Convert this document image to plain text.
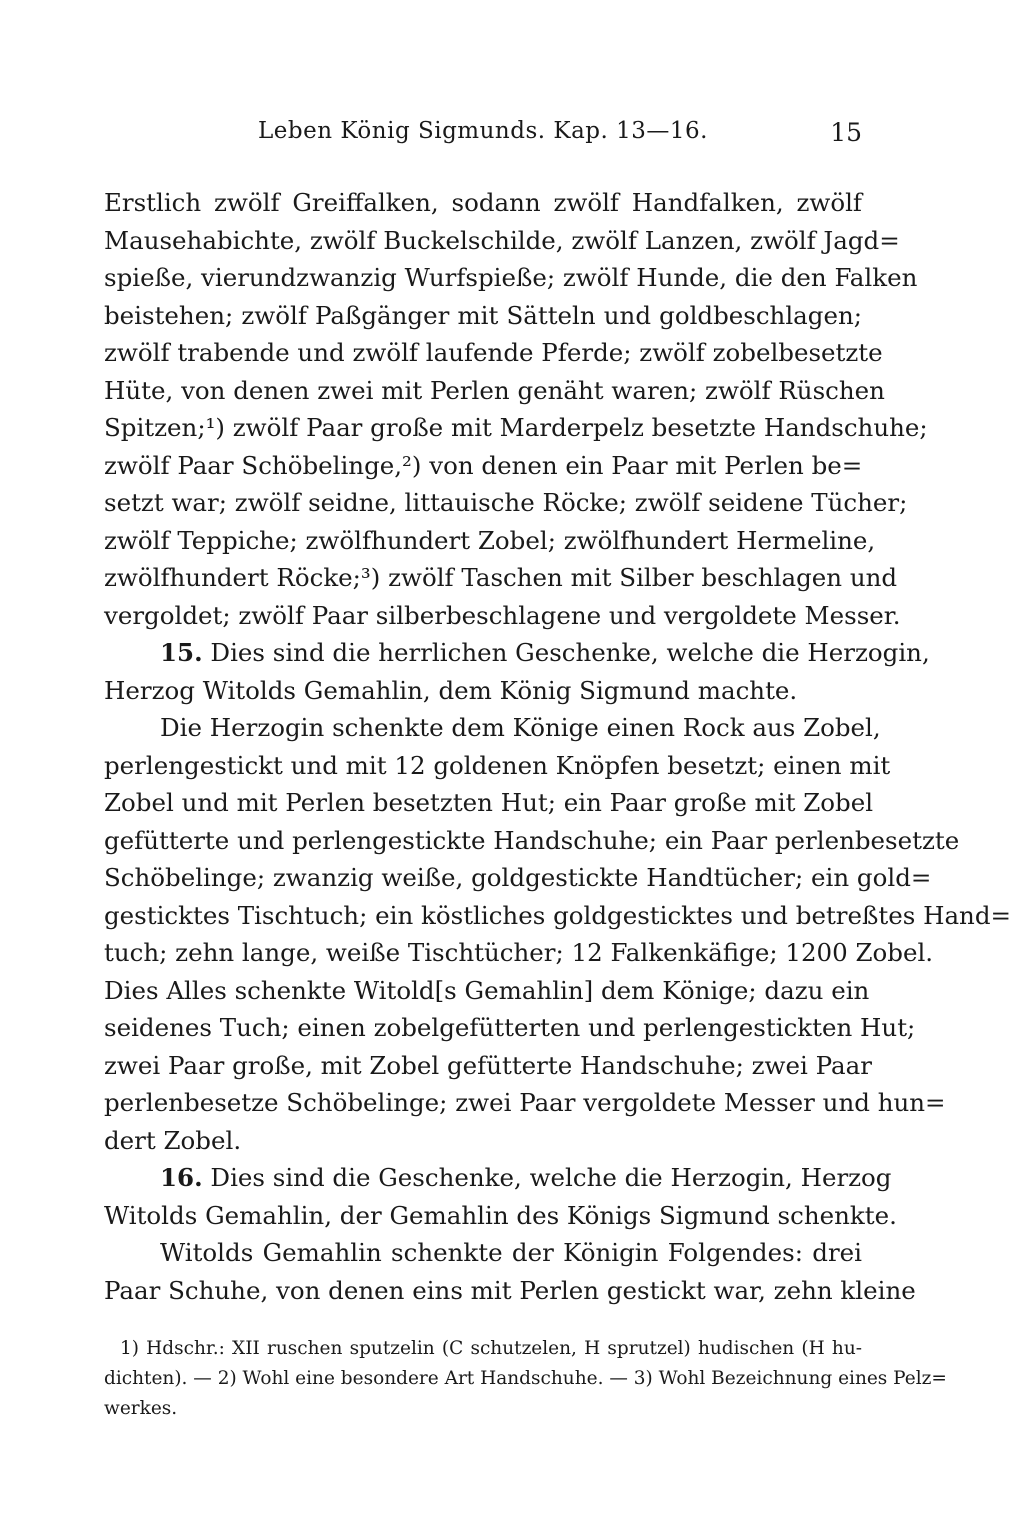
Leben König Sigmunds. Kap. 13—16.	15
Erstlich zwölf Greiffalken, sodann zwölf Handfalken, zwölf
Mausehabichte, zwölf Buckelschilde, zwölf Lanzen, zwölf Jagd=
spieße, vierundzwanzig Wurfspieße; zwölf Hunde, die den Falken
beistehen; zwölf Paßgänger mit Sätteln und goldbeschlagen;
zwölf trabende und zwölf laufende Pferde; zwölf zobelbesetzte
Hüte, von denen zwei mit Perlen genäht waren; zwölf Rüschen
Spitzen;¹) zwölf Paar große mit Marderpelz besetzte Handschuhe;
zwölf Paar Schöbelinge,²) von denen ein Paar mit Perlen be=
setzt war; zwölf seidne, littauische Röcke; zwölf seidene Tücher;
zwölf Teppiche; zwölfhundert Zobel; zwölfhundert Hermeline,
zwölfhundert Röcke;³) zwölf Taschen mit Silber beschlagen und
vergoldet; zwölf Paar silberbeschlagene und vergoldete Messer.
15. Dies sind die herrlichen Geschenke, welche die Herzogin,
Herzog Witolds Gemahlin, dem König Sigmund machte.
Die Herzogin schenkte dem Könige einen Rock aus Zobel,
perlengestickt und mit 12 goldenen Knöpfen besetzt; einen mit
Zobel und mit Perlen besetzten Hut; ein Paar große mit Zobel
gefütterte und perlengestickte Handschuhe; ein Paar perlenbesetzte
Schöbelinge; zwanzig weiße, goldgestickte Handtücher; ein gold=
gesticktes Tischtuch; ein köstliches goldgesticktes und betreßtes Hand=
tuch; zehn lange, weiße Tischtücher; 12 Falkenkäfige; 1200 Zobel.
Dies Alles schenkte Witold[s Gemahlin] dem Könige; dazu ein
seidenes Tuch; einen zobelgefütterten und perlengestickten Hut;
zwei Paar große, mit Zobel gefütterte Handschuhe; zwei Paar
perlenbesetze Schöbelinge; zwei Paar vergoldete Messer und hun=
dert Zobel.
16. Dies sind die Geschenke, welche die Herzogin, Herzog
Witolds Gemahlin, der Gemahlin des Königs Sigmund schenkte.
Witolds Gemahlin schenkte der Königin Folgendes: drei
Paar Schuhe, von denen eins mit Perlen gestickt war, zehn kleine
1) Hdschr.: XII ruschen sputzelin (C schutzelen, H sprutzel) hudischen (H hu-
dichten). — 2) Wohl eine besondere Art Handschuhe. — 3) Wohl Bezeichnung eines Pelz=
werkes.
